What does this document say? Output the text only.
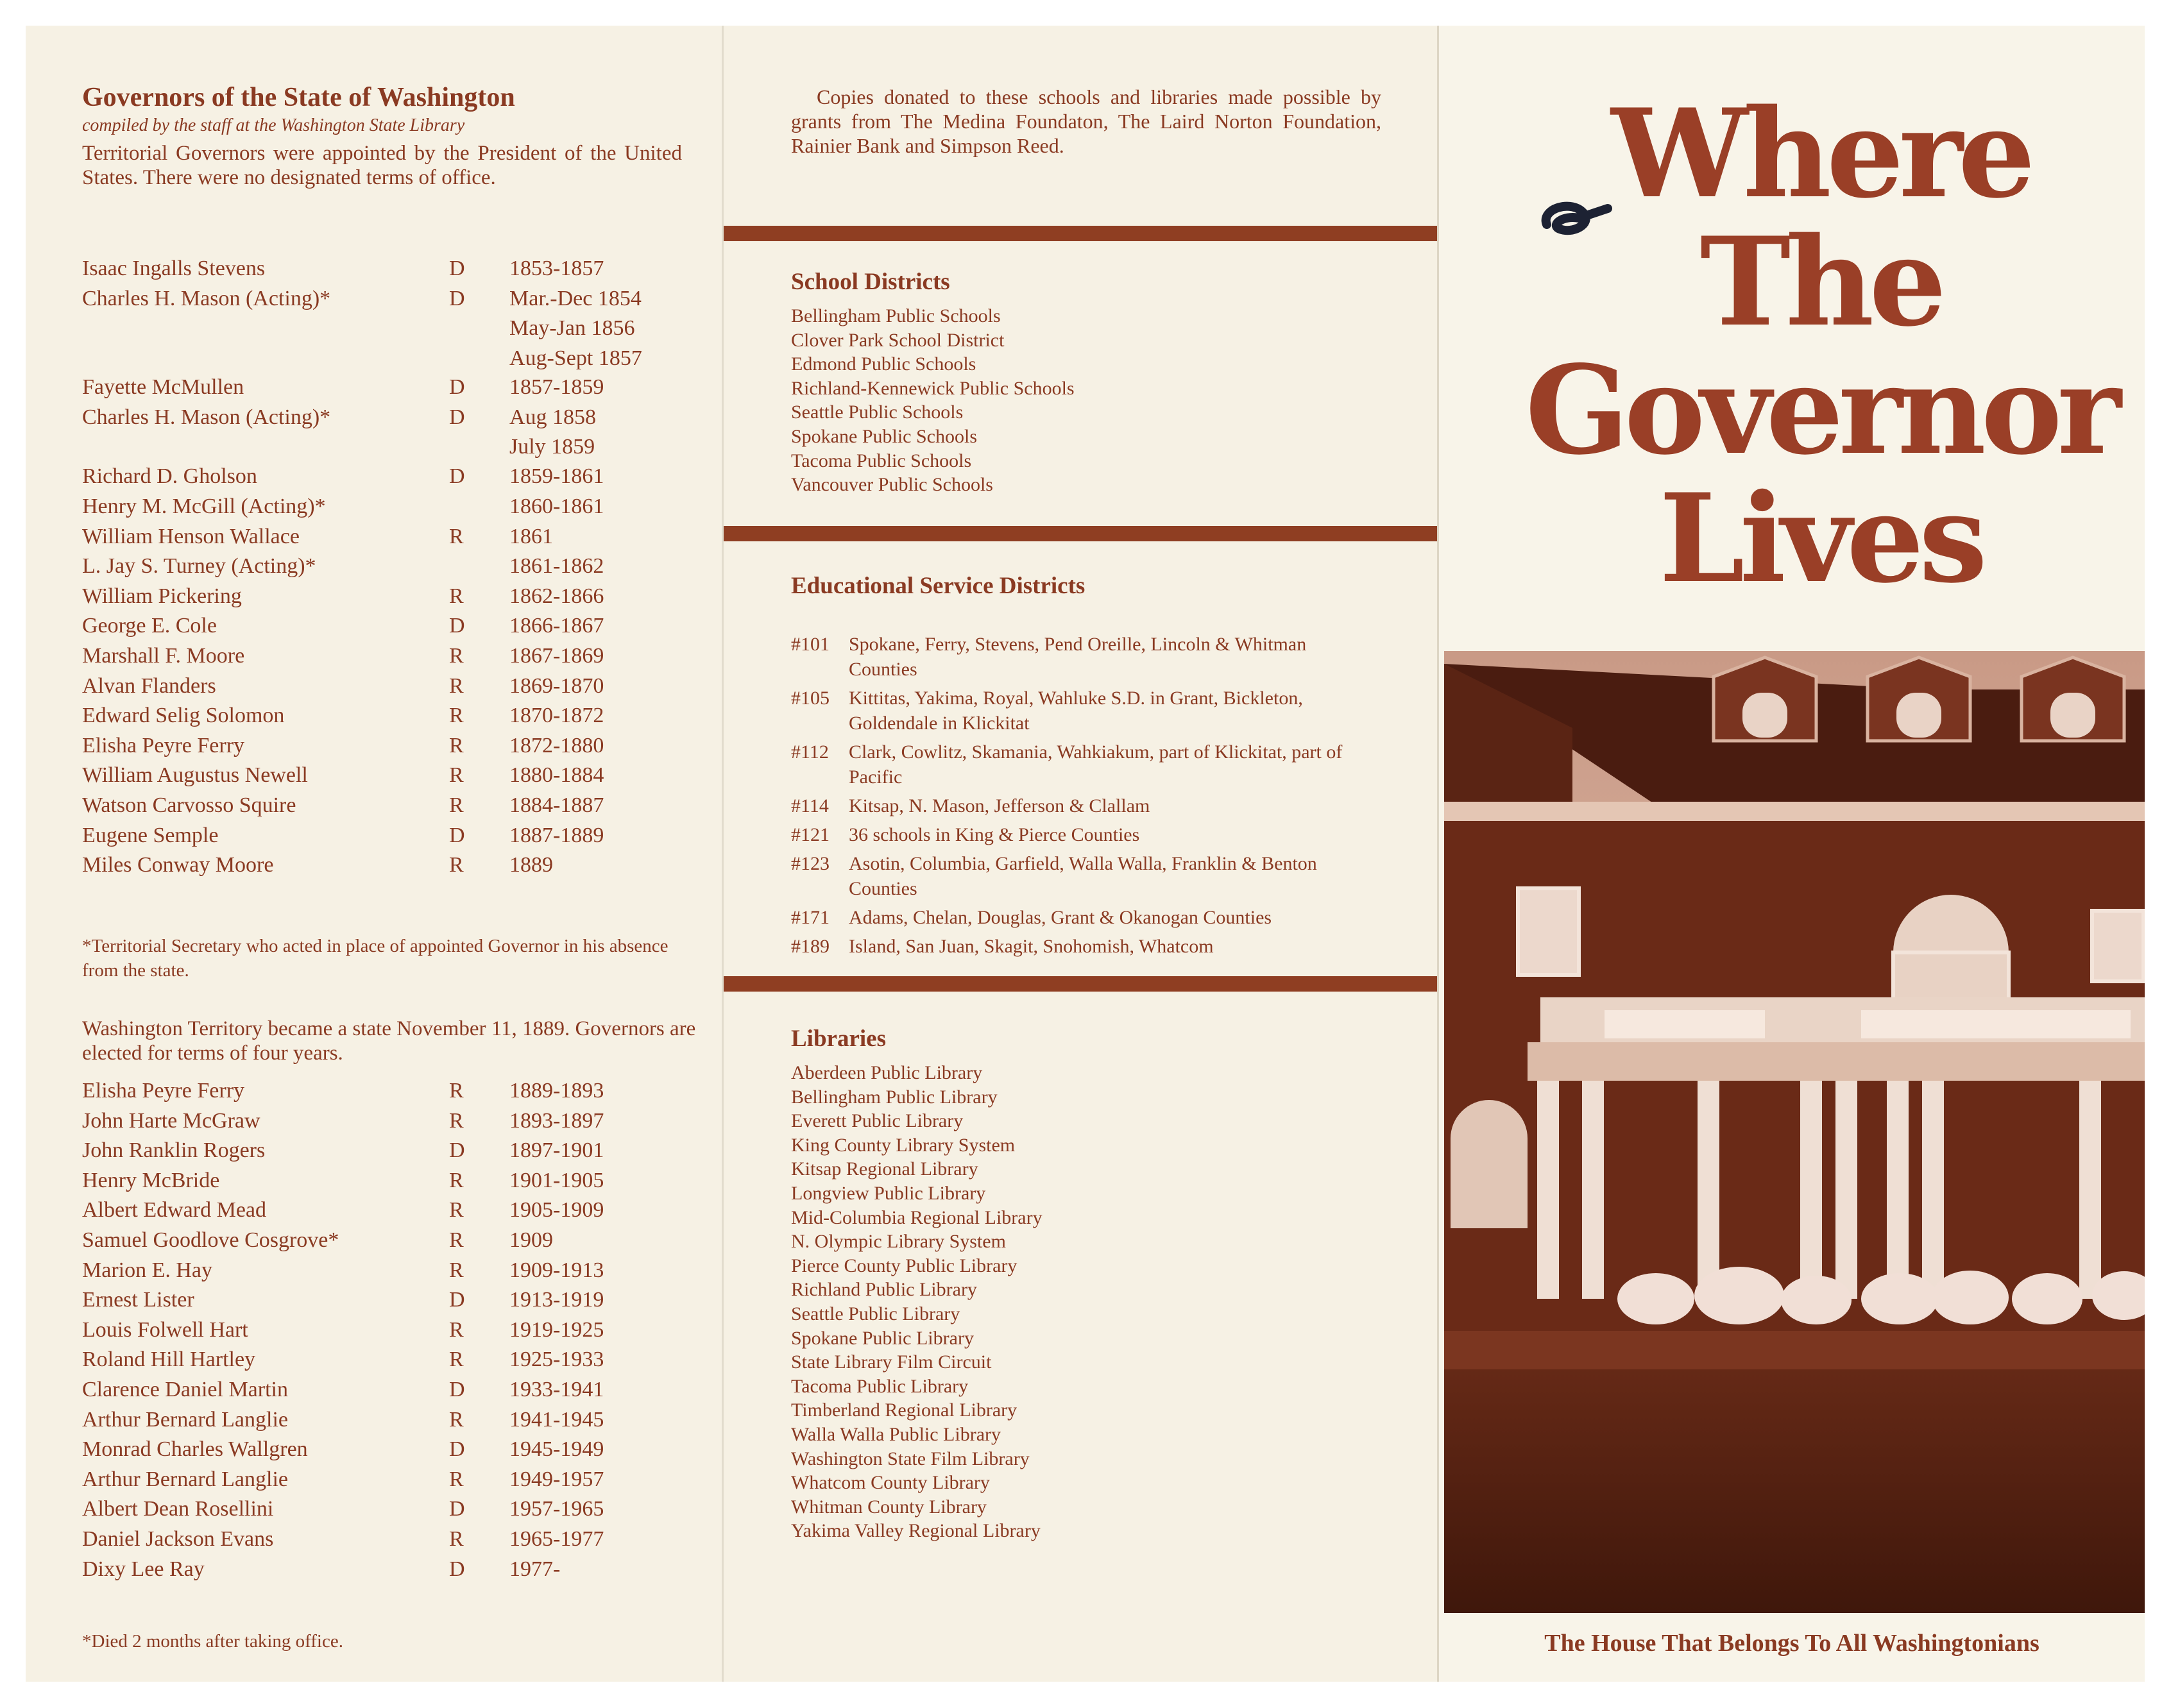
Governors of the State of Washington
compiled by the staff at the Washington State Library
Territorial Governors were appointed by the President of the United States. There were no designated terms of office.
Isaac Ingalls Stevens	D 1853-1857
Charles H. Mason (Acting)*	D Mar.-Dec 1854
May-Jan 1856
Aug-Sept 1857
Fayette McMullen	D 1857-1859
Charles H. Mason (Acting)*	D Aug 1858
July 1859
Richard D. Gholson	D 1859-1861
Henry M. McGill (Acting)*	1860-1861
William Henson Wallace	R 1861
L. Jay S. Turney (Acting)*	1861-1862
William Pickering	R 1862-1866
George E. Cole	D 1866-1867
Marshall F. Moore	R 1867-1869
Alvan Flanders	R 1869-1870
Edward Selig Solomon	R 1870-1872
Elisha Peyre Ferry	R 1872-1880
William Augustus Newell	R 1880-1884
Watson Carvosso Squire	R 1884-1887
Eugene Semple	D 1887-1889
Miles Conway Moore	R 1889
*Territorial Secretary who acted in place of appointed Governor in his absence from the state.
Washington Territory became a state November 11, 1889. Governors are elected for terms of four years.
Elisha Peyre Ferry	R 1889-1893
John Harte McGraw	R 1893-1897
John Ranklin Rogers	D 1897-1901
Henry McBride	R 1901-1905
Albert Edward Mead	R 1905-1909
Samuel Goodlove Cosgrove*	R 1909
Marion E. Hay	R 1909-1913
Ernest Lister	D 1913-1919
Louis Folwell Hart	R 1919-1925
Roland Hill Hartley	R 1925-1933
Clarence Daniel Martin	D 1933-1941
Arthur Bernard Langlie	R 1941-1945
Monrad Charles Wallgren	D 1945-1949
Arthur Bernard Langlie	R 1949-1957
Albert Dean Rosellini	D 1957-1965
Daniel Jackson Evans	R 1965-1977
Dixy Lee Ray	D 1977-
*Died 2 months after taking office.
Copies donated to these schools and libraries made possible by grants from The Medina Foundaton, The Laird Norton Foundation, Rainier Bank and Simpson Reed.
School Districts
Bellingham Public Schools
Clover Park School District
Edmond Public Schools
Richland-Kennewick Public Schools
Seattle Public Schools
Spokane Public Schools
Tacoma Public Schools
Vancouver Public Schools
Educational Service Districts
#101 Spokane, Ferry, Stevens, Pend Oreille, Lincoln & Whitman Counties
#105 Kittitas, Yakima, Royal, Wahluke S.D. in Grant, Bickleton, Goldendale in Klickitat
#112 Clark, Cowlitz, Skamania, Wahkiakum, part of Klickitat, part of Pacific
#114 Kitsap, N. Mason, Jefferson & Clallam
#121 36 schools in King & Pierce Counties
#123 Asotin, Columbia, Garfield, Walla Walla, Franklin & Benton Counties
#171 Adams, Chelan, Douglas, Grant & Okanogan Counties
#189 Island, San Juan, Skagit, Snohomish, Whatcom
Libraries
Aberdeen Public Library
Bellingham Public Library
Everett Public Library
King County Library System
Kitsap Regional Library
Longview Public Library
Mid-Columbia Regional Library
N. Olympic Library System
Pierce County Public Library
Richland Public Library
Seattle Public Library
Spokane Public Library
State Library Film Circuit
Tacoma Public Library
Timberland Regional Library
Walla Walla Public Library
Washington State Film Library
Whatcom County Library
Whitman County Library
Yakima Valley Regional Library
Where
The
Governor
Lives
The House That Belongs To All Washingtonians
